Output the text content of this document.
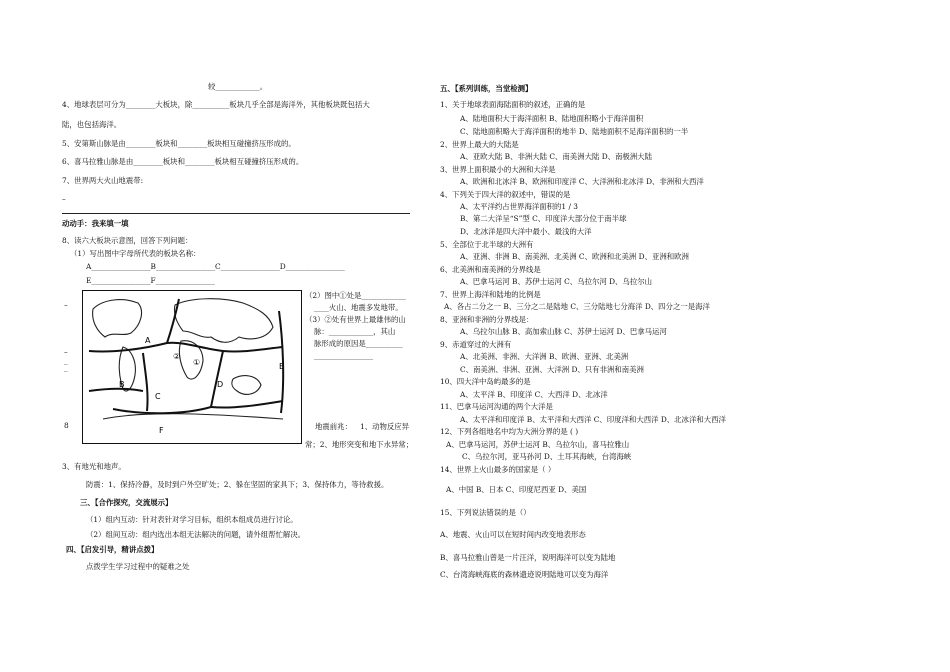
较____________。
4、地球表层可分为________大板块，除__________板块几乎全部是海洋外，其他板块既包括大
陆，也包括海洋。
5、安第斯山脉是由________板块和________板块相互碰撞挤压形成的。
6、喜马拉雅山脉是由________板块和________板块相互碰撞挤压形成的。
7、世界两大火山地震带:
–
动动手：我来填一填
8、读六大板块示意图，回答下列问题：
（1）写出图中字母所代表的板块名称：
A________________B________________C________________D________________
E________________F________________
（2）图中①处是____________
____火山、地震多发地带。
（3）②处有世界上最雄伟的山
脉：____________，其山
脉形成的原因是__________
________________
–
–
_
_
8
A
B
C
D
E
F
①
②
地震前兆： 1、动物反应异
常；2、地形突变和地下水异常；
3、有地光和地声。
防震：1、保持冷静，及时到户外空旷处；2、躲在坚固的家具下；3、保持体力，等待救援。
三、【合作探究，交流展示】
（1）组内互动：针对表针对学习目标，组织本组成员进行讨论。
（2）组间互动：组内选出本组无法解决的问题，请外组帮忙解决。
四、【启发引导，精讲点拨】
点拨学生学习过程中的疑难之处
五、【系列训练，当堂检测】
1、关于地球表面海陆面积的叙述，正确的是
A、陆地面积大于海洋面积 B、陆地面积略小于海洋面积
C、陆地面积略大于海洋面积的地半 D、陆地面积不足海洋面积的一半
2、世界上最大的大陆是
A、亚欧大陆 B、非洲大陆 C、南美洲大陆 D、南极洲大陆
3、世界上面积最小的大洲和大洋是
A、欧洲和北冰洋 B、欧洲和印度洋 C、大洋洲和北冰洋 D、非洲和大西洋
4、下列关于四大洋的叙述中，错误的是
A、太平洋约占世界海洋面积的1 / 3
B、第二大洋呈“S”型 C、印度洋大部分位于南半球
D、北冰洋是四大洋中最小、最浅的大洋
5、全部位于北半球的大洲有
A、亚洲、非洲 B、南美洲、北美洲 C、欧洲和北美洲 D、亚洲和欧洲
6、北美洲和南美洲的分界线是
A、巴拿马运河 B、苏伊士运河 C、乌拉尔河 D、乌拉尔山
7、世界上海洋和陆地的比例是
A、各占二分之一 B、三分之二是陆地 C、三分陆地七分海洋 D、四分之一是海洋
8、亚洲和非洲的分界线是：
A、乌拉尔山脉 B、高加索山脉 C、苏伊士运河 D、巴拿马运河
9、赤道穿过的大洲有
A、北美洲、非洲、大洋洲 B、欧洲、亚洲、北美洲
C、南美洲、非洲、亚洲、大洋洲 D、只有非洲和南美洲
10、四大洋中岛屿最多的是
A、太平洋 B、印度洋 C、大西洋 D、北冰洋
11、巴拿马运河沟通的两个大洋是
A、太平洋和印度洋 B、太平洋和大西洋 C、印度洋和大西洋 D、北冰洋和大西洋
12、下列各组地名中均为大洲分界的是 ( )
A、巴拿马运河，苏伊士运河 B、乌拉尔山，喜马拉雅山
C、乌拉尔河，亚马孙河 D、土耳其海峡，台湾海峡
14、世界上火山最多的国家是（ ）
A、中国 B、日本 C、印度尼西亚 D、美国
15、下列说法错误的是（）
A、地震、火山可以在短时间内改变地表形态
B、喜马拉雅山曾是一片汪洋，说明海洋可以变为陆地
C、台湾海峡海底的森林遗迹说明陆地可以变为海洋
